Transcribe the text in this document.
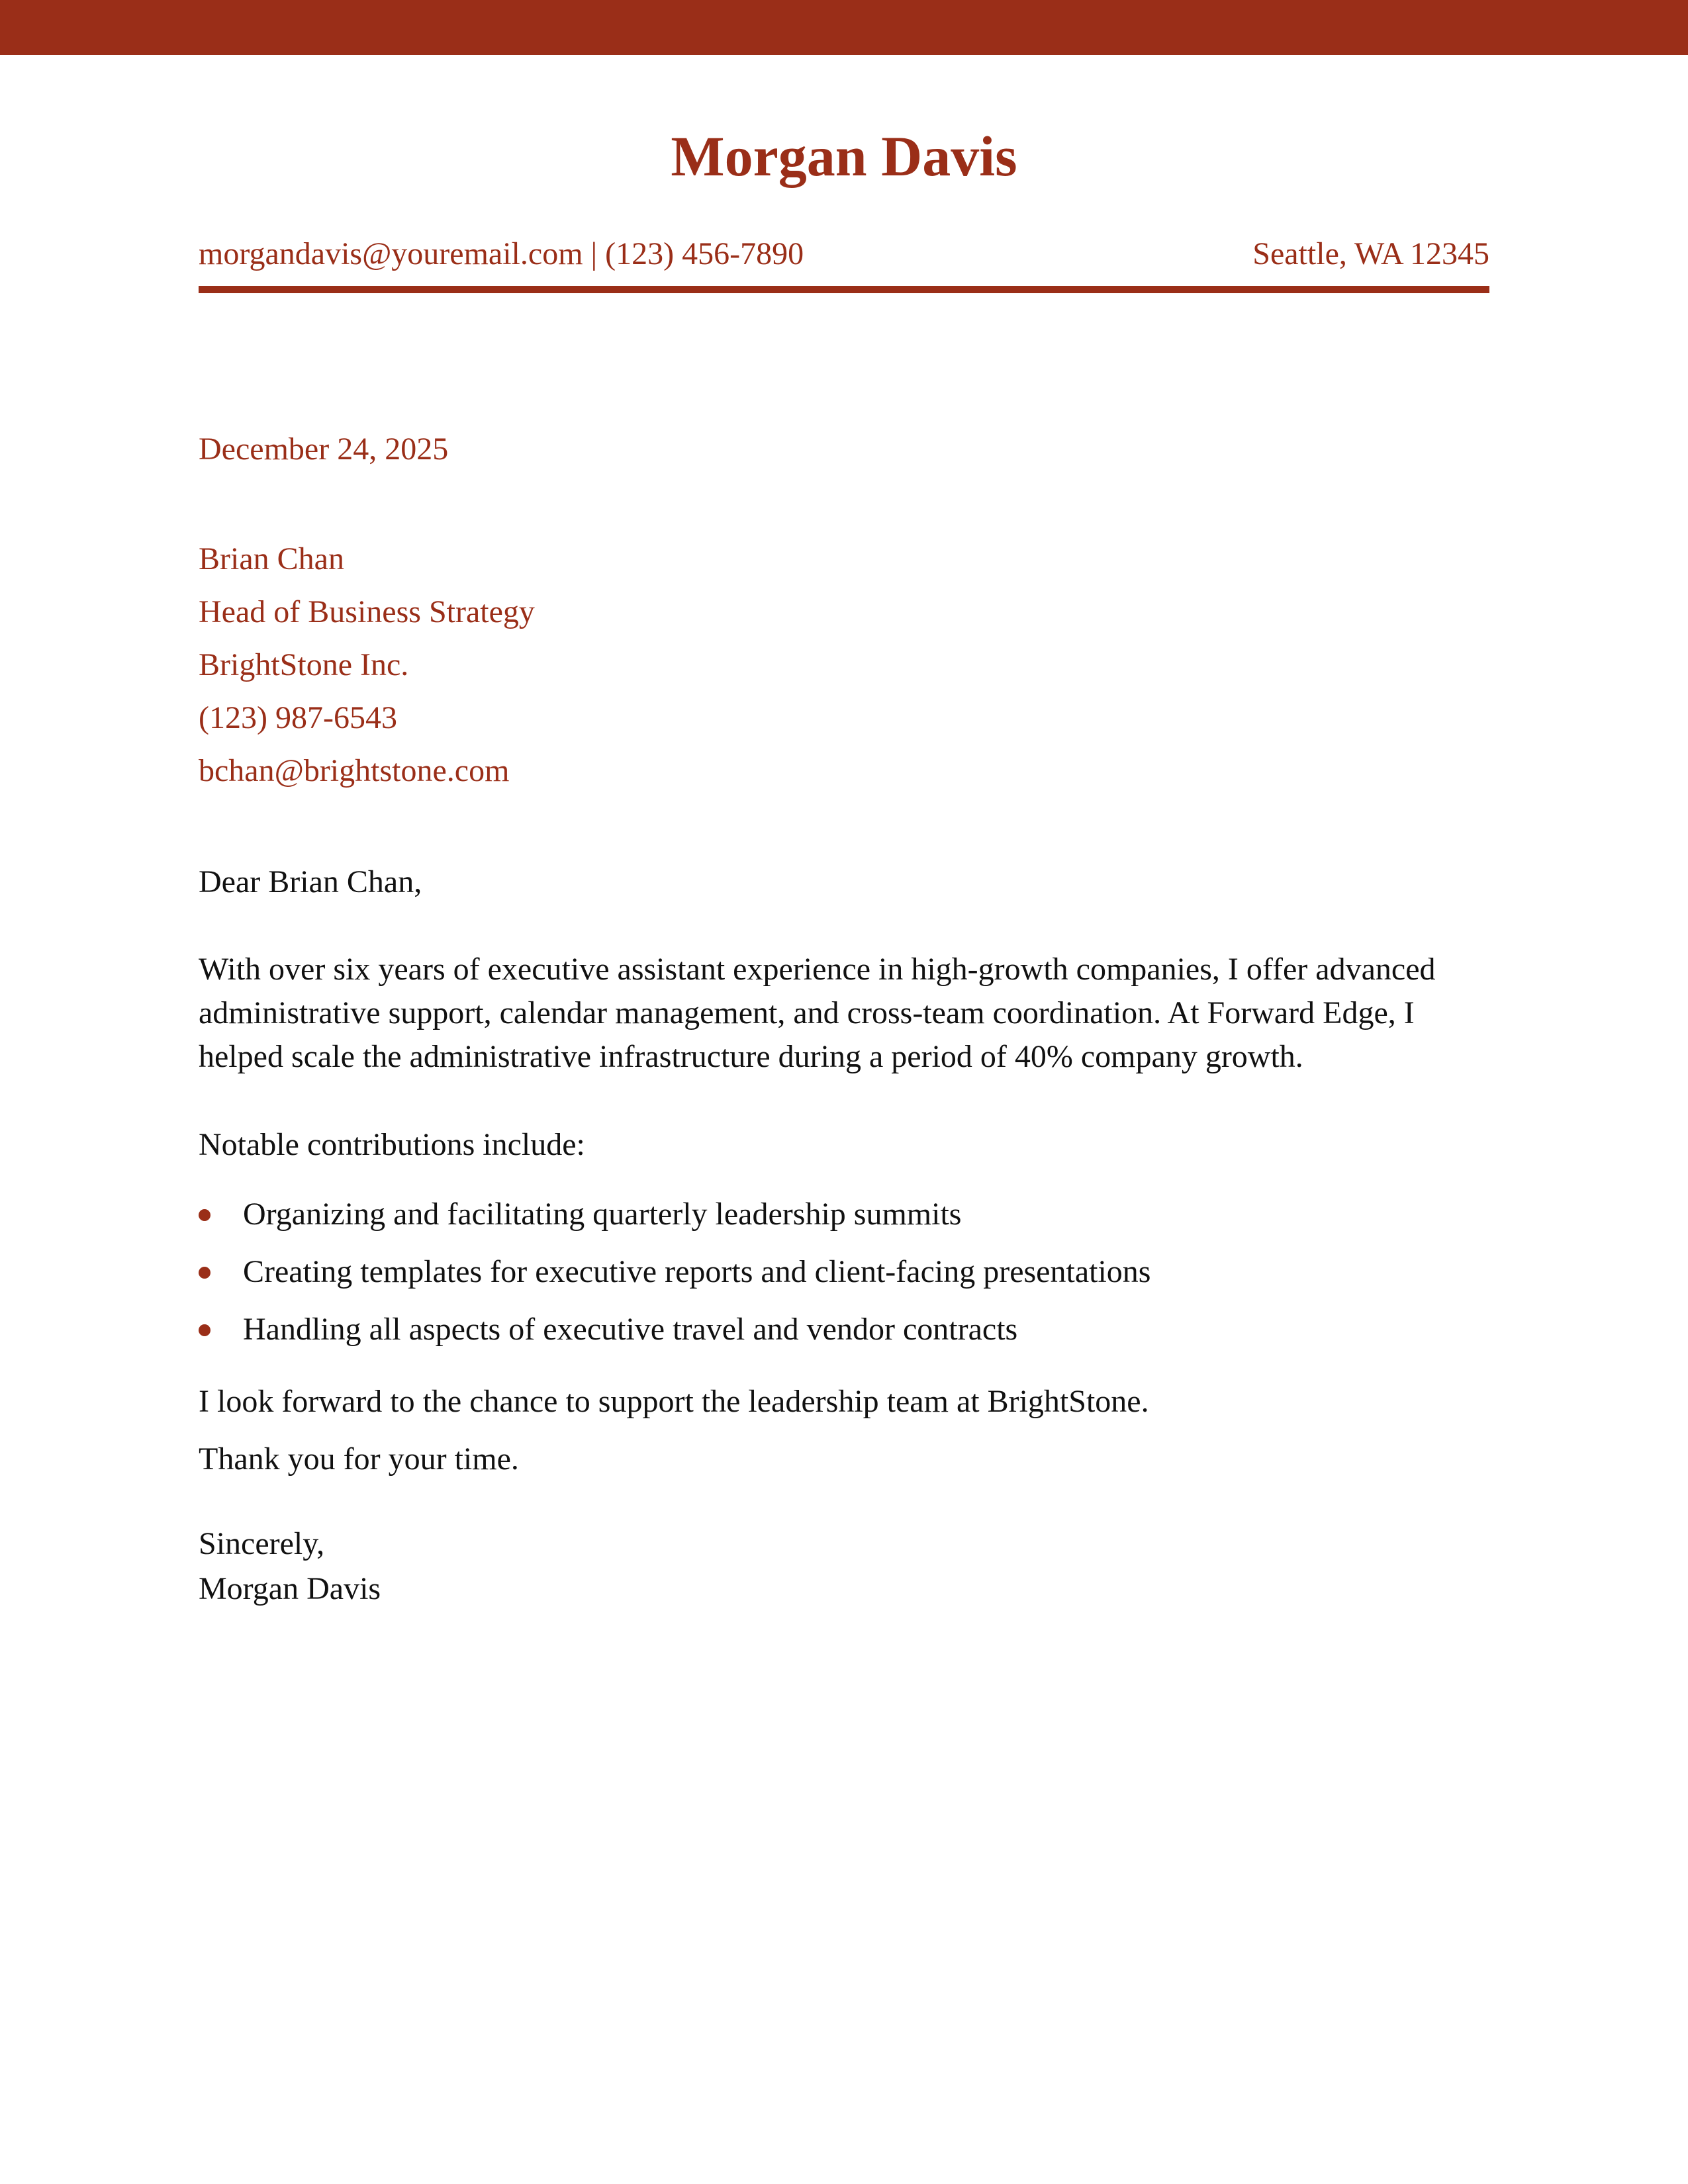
Morgan Davis
morgandavis@youremail.com | (123) 456-7890	Seattle, WA 12345
December 24, 2025
Brian Chan
Head of Business Strategy
BrightStone Inc.
(123) 987-6543
bchan@brightstone.com
Dear Brian Chan,
With over six years of executive assistant experience in high-growth companies, I offer advanced administrative support, calendar management, and cross-team coordination. At Forward Edge, I helped scale the administrative infrastructure during a period of 40% company growth.
Notable contributions include:
Organizing and facilitating quarterly leadership summits
Creating templates for executive reports and client-facing presentations
Handling all aspects of executive travel and vendor contracts
I look forward to the chance to support the leadership team at BrightStone.
Thank you for your time.
Sincerely,
Morgan Davis
